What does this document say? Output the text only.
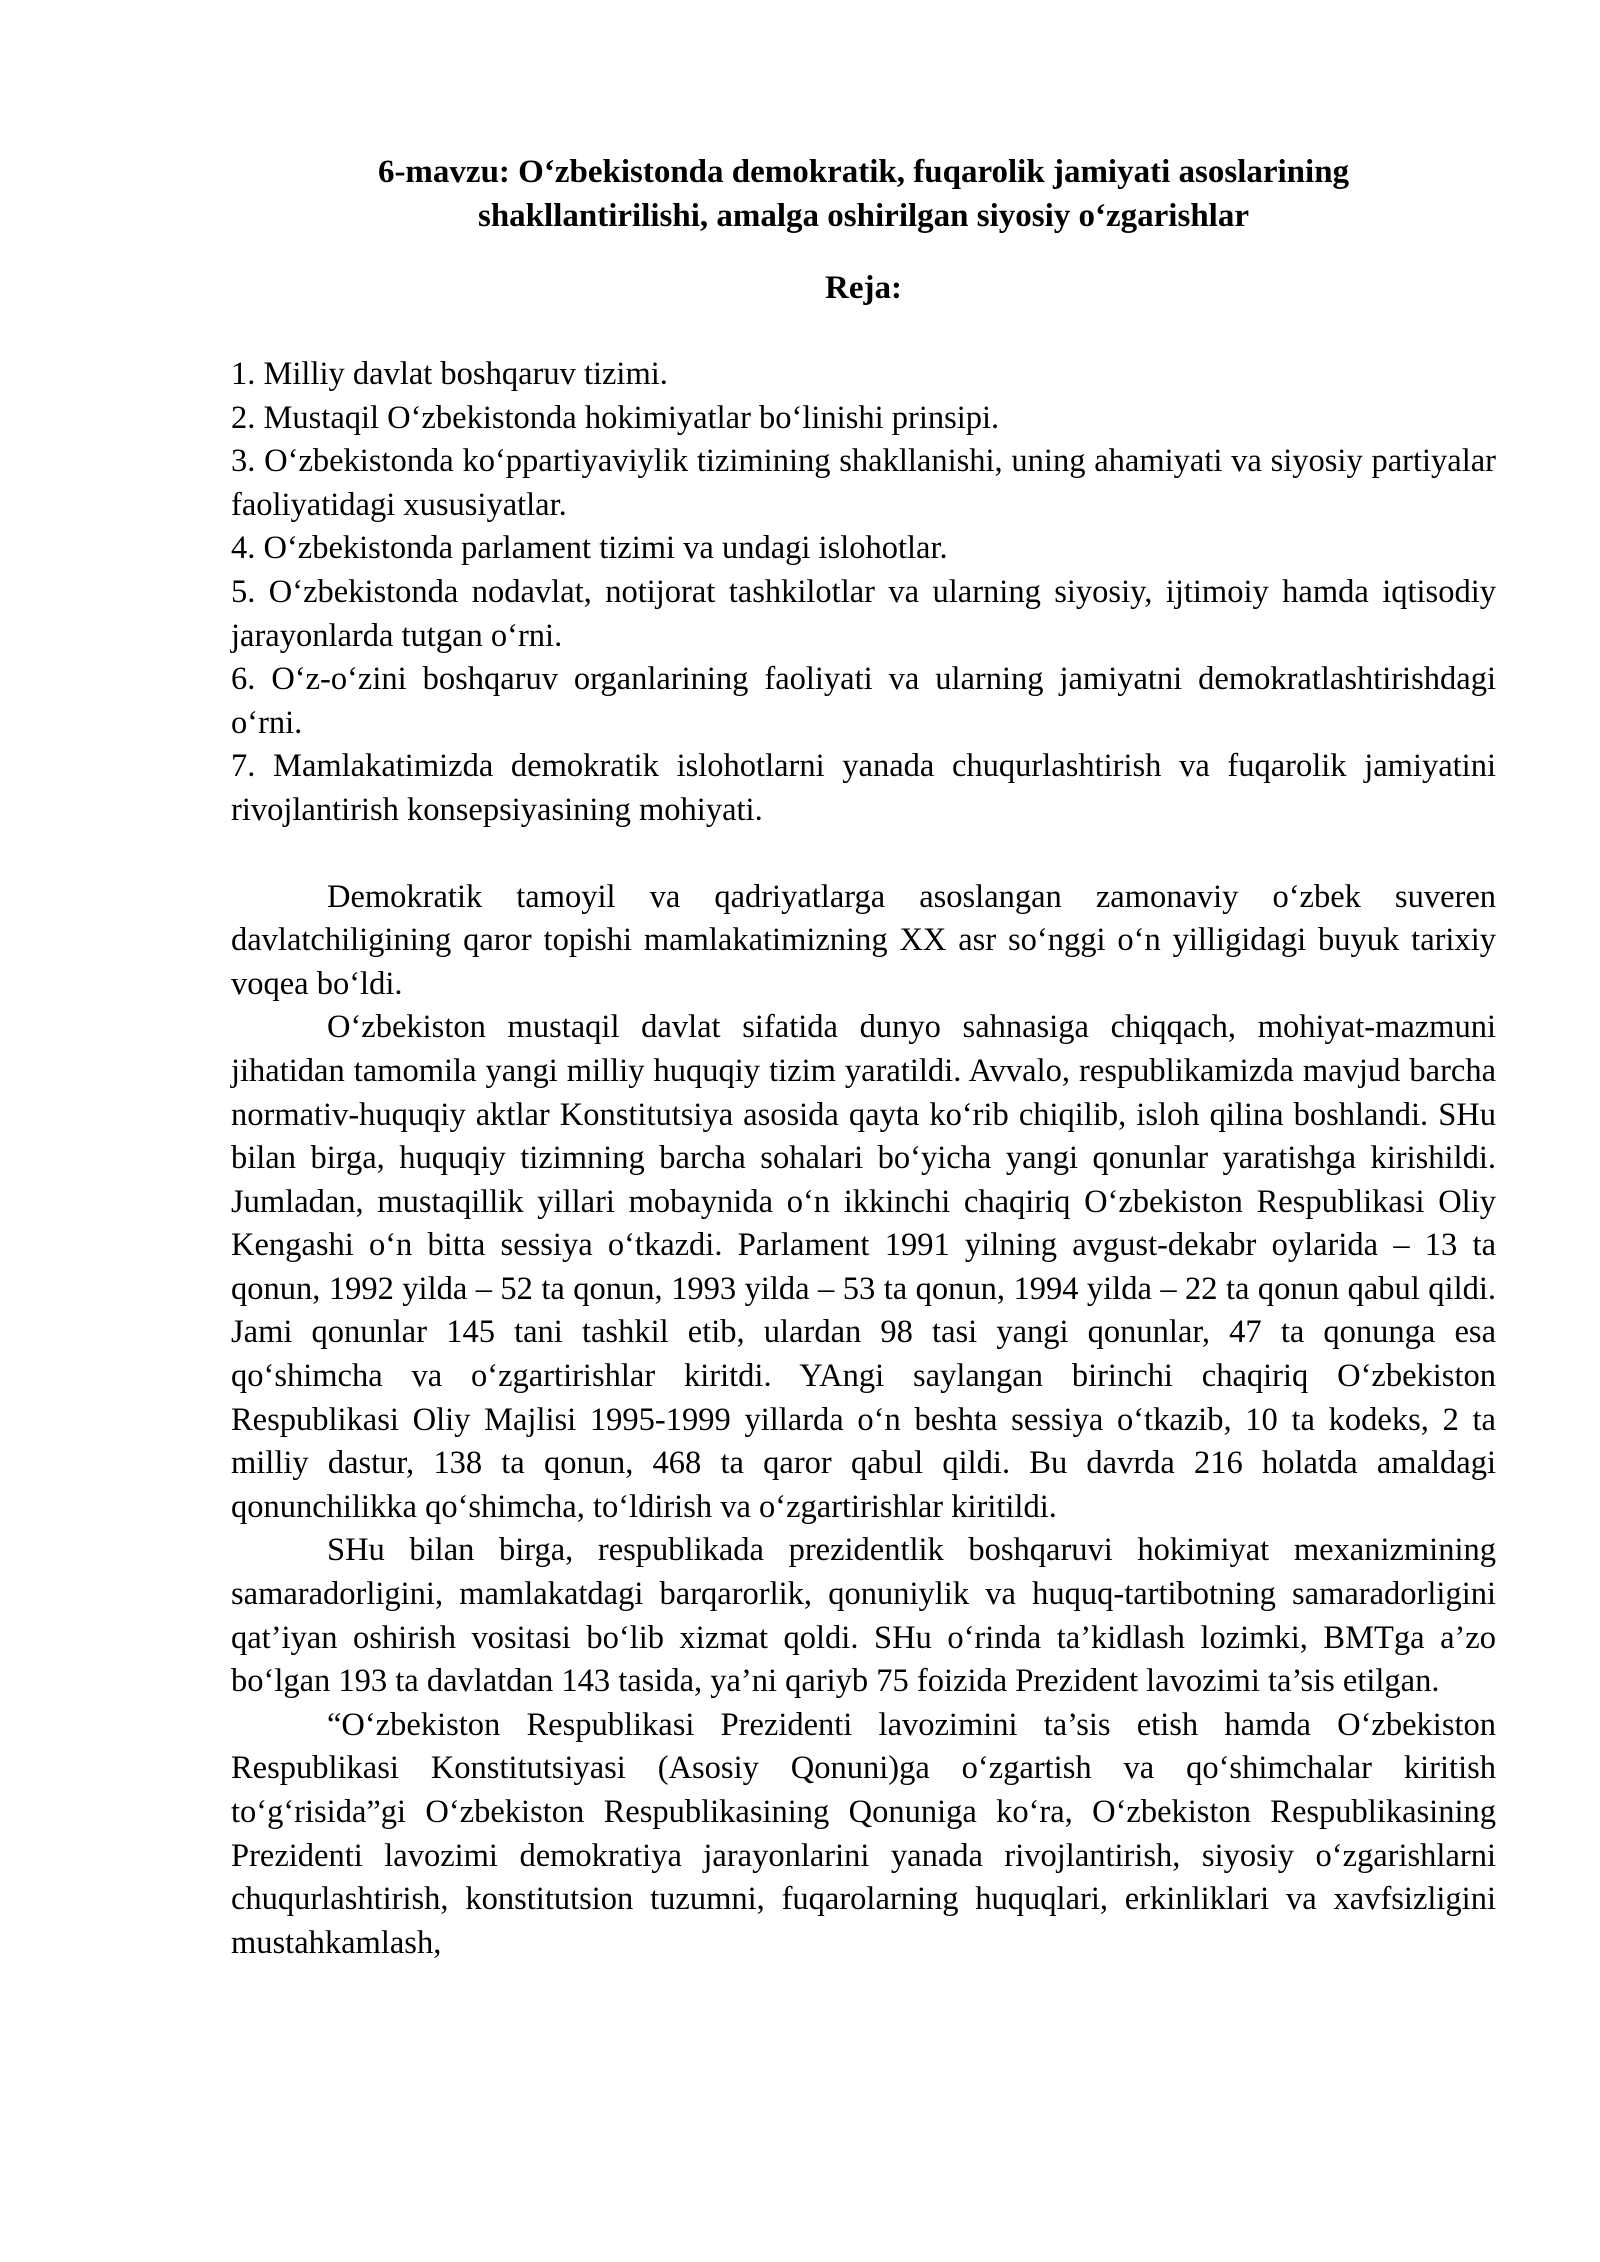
6-mavzu: O‘zbekistonda demokratik, fuqarolik jamiyati asoslarining
shakllantirilishi, amalga oshirilgan siyosiy o‘zgarishlar

Reja:

1. Milliy davlat boshqaruv tizimi.
2. Mustaqil O‘zbekistonda hokimiyatlar bo‘linishi prinsipi.
3. O‘zbekistonda ko‘ppartiyaviylik tizimining shakllanishi, uning ahamiyati va siyosiy partiyalar faoliyatidagi xususiyatlar.
4. O‘zbekistonda parlament tizimi va undagi islohotlar.
5. O‘zbekistonda nodavlat, notijorat tashkilotlar va ularning siyosiy, ijtimoiy hamda iqtisodiy jarayonlarda tutgan o‘rni.
6. O‘z-o‘zini boshqaruv organlarining faoliyati va ularning jamiyatni demokratlashtirishdagi o‘rni.
7. Mamlakatimizda demokratik islohotlarni yanada chuqurlashtirish va fuqarolik jamiyatini rivojlantirish konsepsiyasining mohiyati.

Demokratik tamoyil va qadriyatlarga asoslangan zamonaviy o‘zbek suveren davlatchiligining qaror topishi mamlakatimizning XX asr so‘nggi o‘n yilligidagi buyuk tarixiy voqea bo‘ldi.

O‘zbekiston mustaqil davlat sifatida dunyo sahnasiga chiqqach, mohiyat-mazmuni jihatidan tamomila yangi milliy huquqiy tizim yaratildi. Avvalo, respublikamizda mavjud barcha normativ-huquqiy aktlar Konstitutsiya asosida qayta ko‘rib chiqilib, isloh qilina boshlandi. SHu bilan birga, huquqiy tizimning barcha sohalari bo‘yicha yangi qonunlar yaratishga kirishildi. Jumladan, mustaqillik yillari mobaynida o‘n ikkinchi chaqiriq O‘zbekiston Respublikasi Oliy Kengashi o‘n bitta sessiya o‘tkazdi. Parlament 1991 yilning avgust-dekabr oylarida – 13 ta qonun, 1992 yilda – 52 ta qonun, 1993 yilda – 53 ta qonun, 1994 yilda – 22 ta qonun qabul qildi. Jami qonunlar 145 tani tashkil etib, ulardan 98 tasi yangi qonunlar, 47 ta qonunga esa qo‘shimcha va o‘zgartirishlar kiritdi. YAngi saylangan birinchi chaqiriq O‘zbekiston Respublikasi Oliy Majlisi 1995-1999 yillarda o‘n beshta sessiya o‘tkazib, 10 ta kodeks, 2 ta milliy dastur, 138 ta qonun, 468 ta qaror qabul qildi. Bu davrda 216 holatda amaldagi qonunchilikka qo‘shimcha, to‘ldirish va o‘zgartirishlar kiritildi.

SHu bilan birga, respublikada prezidentlik boshqaruvi hokimiyat mexanizmining samaradorligini, mamlakatdagi barqarorlik, qonuniylik va huquq-tartibotning samaradorligini qat’iyan oshirish vositasi bo‘lib xizmat qoldi. SHu o‘rinda ta’kidlash lozimki, BMTga a’zo bo‘lgan 193 ta davlatdan 143 tasida, ya’ni qariyb 75 foizida Prezident lavozimi ta’sis etilgan.

“O‘zbekiston Respublikasi Prezidenti lavozimini ta’sis etish hamda O‘zbekiston Respublikasi Konstitutsiyasi (Asosiy Qonuni)ga o‘zgartish va qo‘shimchalar kiritish to‘g‘risida”gi O‘zbekiston Respublikasining Qonuniga ko‘ra, O‘zbekiston Respublikasining Prezidenti lavozimi demokratiya jarayonlarini yanada rivojlantirish, siyosiy o‘zgarishlarni chuqurlashtirish, konstitutsion tuzumni, fuqarolarning huquqlari, erkinliklari va xavfsizligini mustahkamlash,
